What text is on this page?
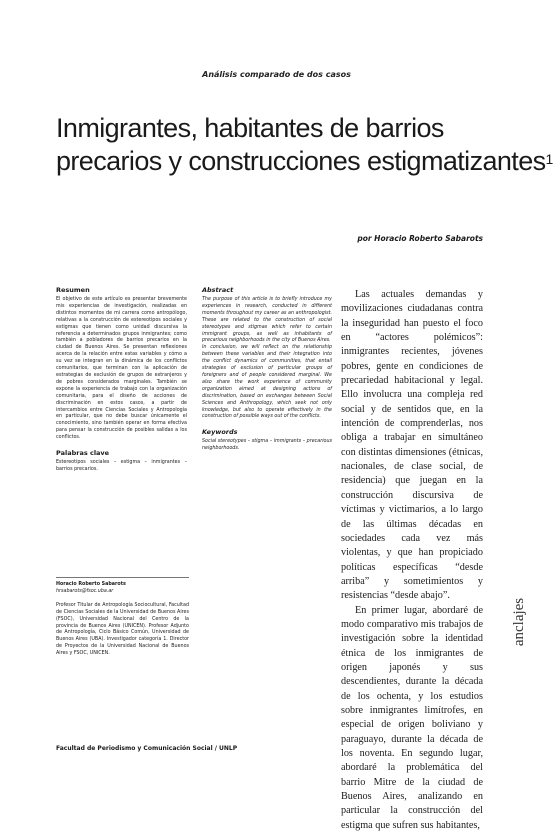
Análisis comparado de dos casos
Inmigrantes, habitantes de barrios
precarios y construcciones estigmatizantes$^1$
por Horacio Roberto Sabarots
Resumen
El objetivo de este artículo es presentar brevemente mis experiencias de investigación, realizadas en distintos momentos de mi carrera como antropólogo, relativas a la construcción de estereotipos sociales y estigmas que tienen como unidad discursiva la referencia a determinados grupos inmigrantes; como también a pobladores de barrios precarios en la ciudad de Buenos Aires. Se presentan reflexiones acerca de la relación entre estas variables y cómo a su vez se integran en la dinámica de los conflictos comunitarios, que terminan con la aplicación de estrategias de exclusión de grupos de extranjeros y de pobres considerados marginales. También se expone la experiencia de trabajo con la organización comunitaria, para el diseño de acciones de discriminación en estos casos, a partir de intercambios entre Ciencias Sociales y Antropología en particular, que no debe buscar únicamente el conocimiento, sino también operar en forma efectiva para pensar la construcción de posibles salidas a los conflictos.
Palabras clave
Estereotipos sociales – estigma – inmigrantes – barrios precarios.
Abstract
The purpose of this article is to briefly introduce my experiences in research, conducted in different moments throughout my career as an anthropologist. These are related to the construction of social stereotypes and stigmas which refer to certain immigrant groups, as well as inhabitants of precarious neighborhoods in the city of Buenos Aires.
In conclusion, we will reflect on the relationship between these variables and their integration into the conflict dynamics of communities, that entail strategies of exclusion of particular groups of foreigners and of people considered marginal. We also share the work experience of community organization aimed at designing actions of discrimination, based on exchanges between Social Sciences and Anthropology, which seek not only knowledge, but also to operate effectively in the construction of possible ways out of the conflicts.
Keywords
Social stereotypes – stigma – immigrants – precarious neighborhoods.

Las actuales demandas y movilizaciones ciudadanas contra la inseguridad han puesto el foco en “actores polémicos”: inmigrantes recientes, jóvenes pobres, gente en condiciones de precariedad habitacional y legal. Ello involucra una compleja red social y de sentidos que, en la intención de comprenderlas, nos obliga a trabajar en simultáneo con distintas dimensiones (étnicas, nacionales, de clase social, de residencia) que juegan en la construcción discursiva de víctimas y victimarios, a lo largo de las últimas décadas en sociedades cada vez más violentas, y que han propiciado políticas específicas “desde arriba” y sometimientos y resistencias “desde abajo”.

En primer lugar, abordaré de modo comparativo mis trabajos de investigación sobre la identidad étnica de los inmigrantes de origen japonés y sus descendientes, durante la década de los ochenta, y los estudios sobre inmigrantes limítrofes, en especial de origen boliviano y paraguayo, durante la década de los noventa. En segundo lugar, abordaré la problemática del barrio Mitre de la ciudad de Buenos Aires, analizando en particular la construcción del estigma que sufren sus habitantes,

Horacio Roberto Sabarots
hrsabarots@fsoc.uba.ar
Profesor Titular de Antropología Sociocultural, Facultad de Ciencias Sociales de la Universidad de Buenos Aires (FSOC), Universidad Nacional del Centro de la provincia de Buenos Aires (UNICEN). Profesor Adjunto de Antropología, Ciclo Básico Común, Universidad de Buenos Aires (UBA). Investigador categoría 1. Director de Proyectos de la Universidad Nacional de Buenos Aires y FSOC, UNICEN.
Facultad de Periodismo y Comunicación Social / UNLP
anclajes
